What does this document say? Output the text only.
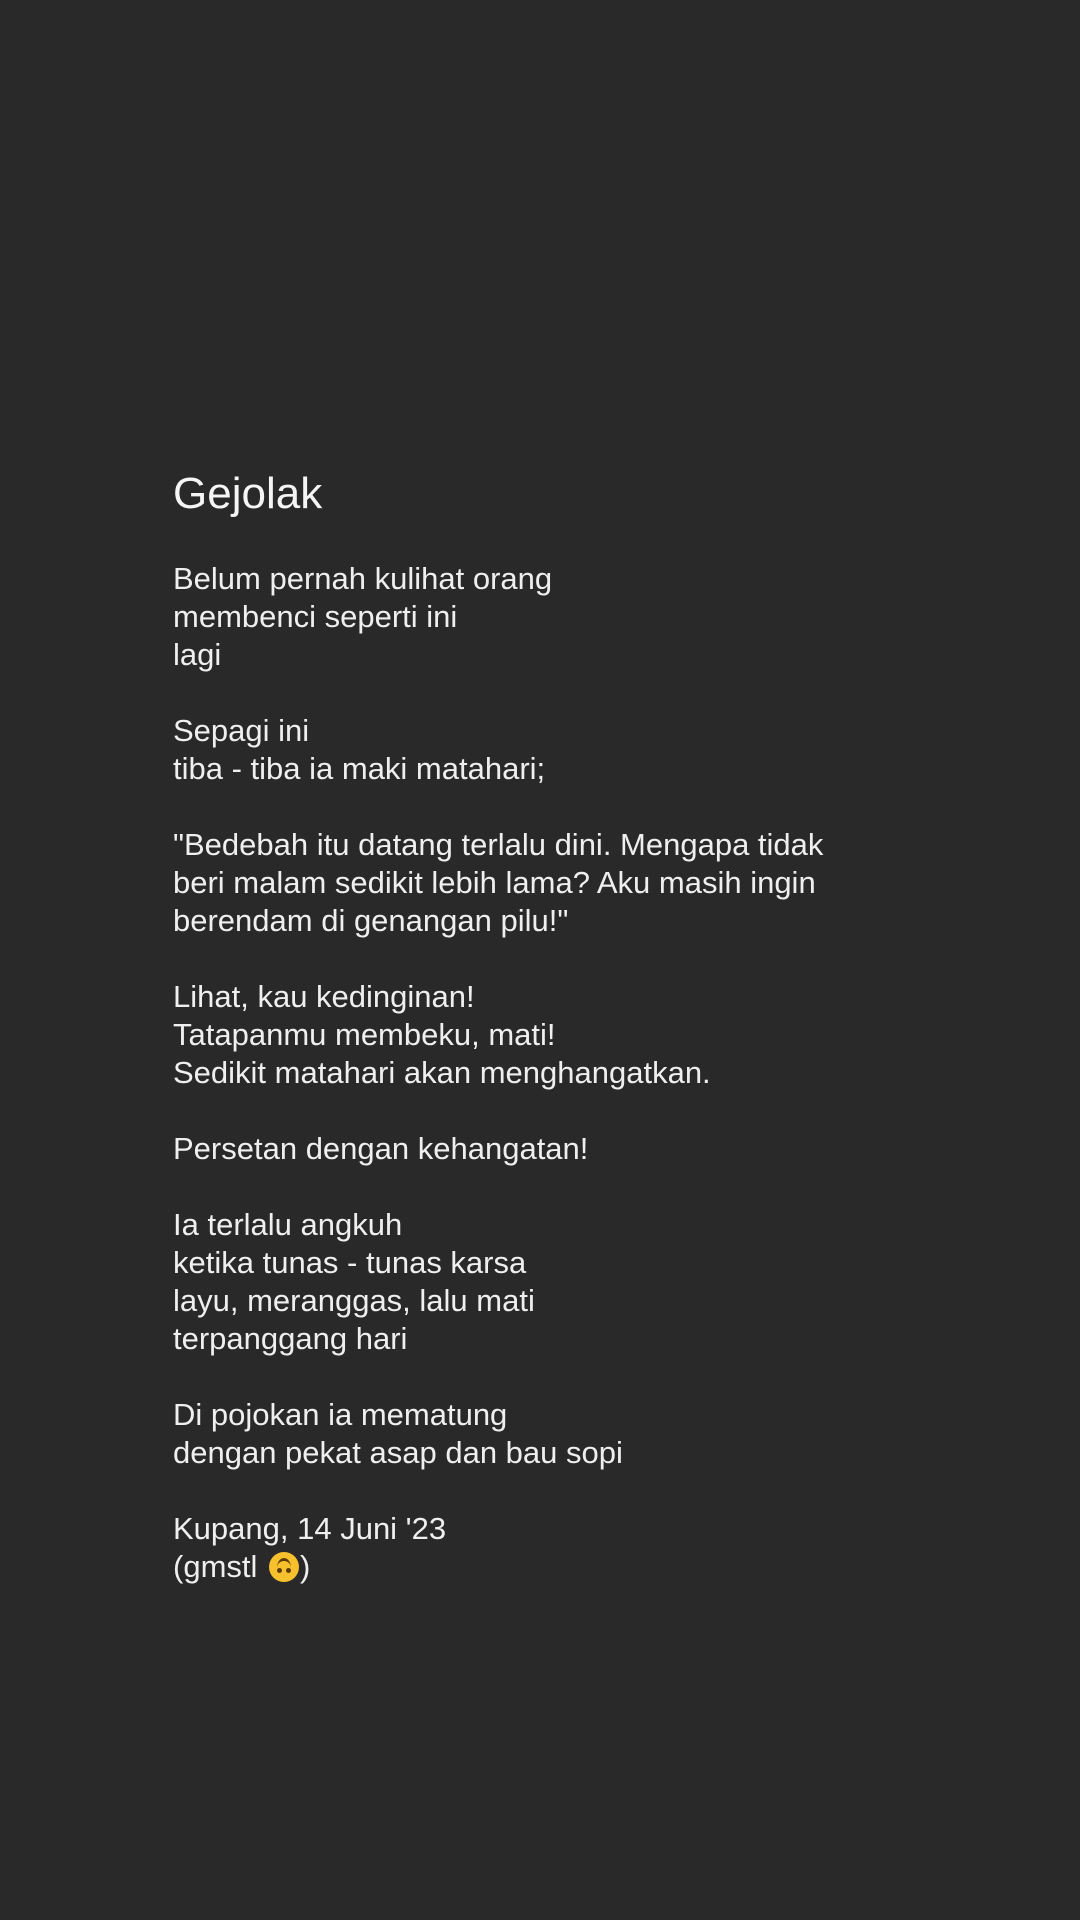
Gejolak
Belum pernah kulihat orang
membenci seperti ini
lagi
Sepagi ini
tiba - tiba ia maki matahari;
"Bedebah itu datang terlalu dini. Mengapa tidak
beri malam sedikit lebih lama? Aku masih ingin
berendam di genangan pilu!"
Lihat, kau kedinginan!
Tatapanmu membeku, mati!
Sedikit matahari akan menghangatkan.
Persetan dengan kehangatan!
Ia terlalu angkuh
ketika tunas - tunas karsa
layu, meranggas, lalu mati
terpanggang hari
Di pojokan ia mematung
dengan pekat asap dan bau sopi
Kupang, 14 Juni '23
(gmstl
)
